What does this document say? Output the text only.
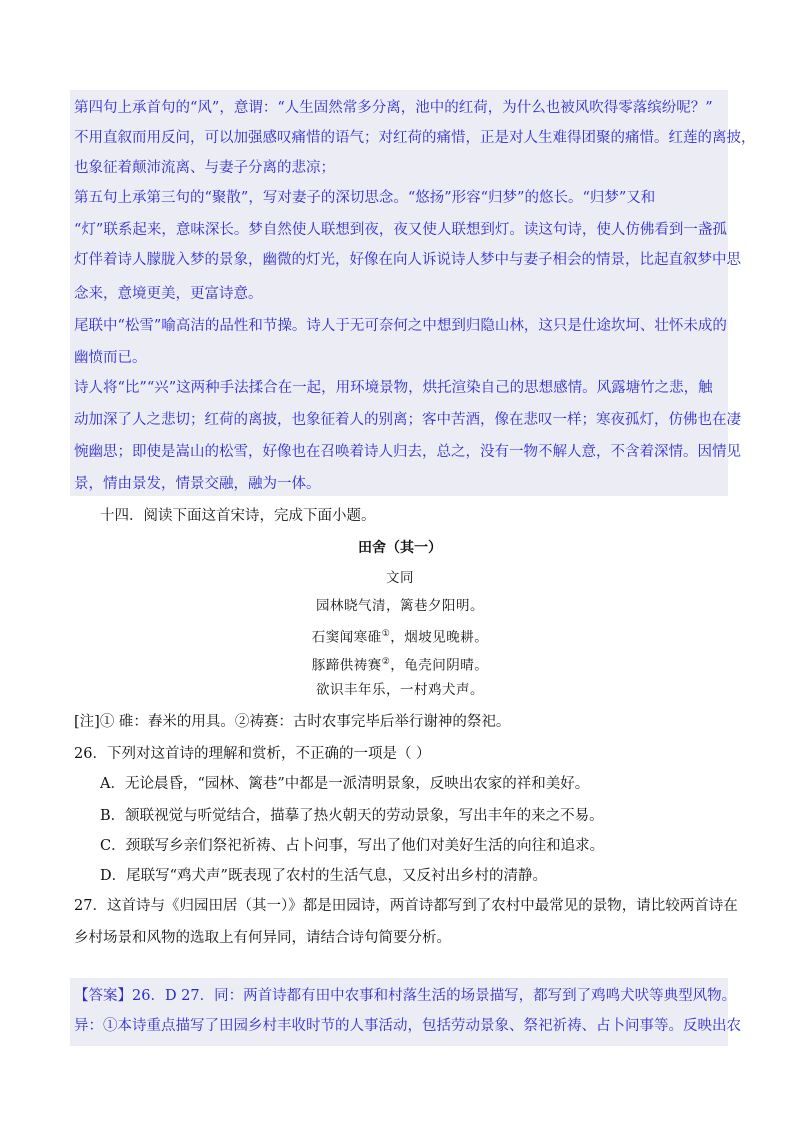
第四句上承首句的“风”，意谓：“人生固然常多分离，池中的红荷，为什么也被风吹得零落缤纷呢？”
不用直叙而用反问，可以加强感叹痛惜的语气；对红荷的痛惜，正是对人生难得团聚的痛惜。红莲的离披，
也象征着颠沛流离、与妻子分离的悲凉；
第五句上承第三句的“聚散”，写对妻子的深切思念。“悠扬”形容“归梦”的悠长。“归梦”又和
“灯”联系起来，意味深长。梦自然使人联想到夜，夜又使人联想到灯。读这句诗，使人仿佛看到一盏孤
灯伴着诗人朦胧入梦的景象，幽微的灯光，好像在向人诉说诗人梦中与妻子相会的情景，比起直叙梦中思
念来，意境更美，更富诗意。
尾联中“松雪”喻高洁的品性和节操。诗人于无可奈何之中想到归隐山林，这只是仕途坎坷、壮怀未成的
幽愤而已。
诗人将“比”“兴”这两种手法揉合在一起，用环境景物，烘托渲染自己的思想感情。风露塘竹之悲，触
动加深了人之悲切；红荷的离披，也象征着人的别离；客中苦酒，像在悲叹一样；寒夜孤灯，仿佛也在凄
惋幽思；即使是嵩山的松雪，好像也在召唤着诗人归去，总之，没有一物不解人意，不含着深情。因情见
景，情由景发，情景交融，融为一体。
十四．阅读下面这首宋诗，完成下面小题。
田舍（其一）
文同
园林晓气清，篱巷夕阳明。
石窦闻寒碓①，烟坡见晚耕。
豚蹄供祷赛②，龟壳问阴晴。
欲识丰年乐，一村鸡犬声。
[注]① 碓：舂米的用具。②祷赛：古时农事完毕后举行谢神的祭祀。
26．下列对这首诗的理解和赏析，不正确的一项是（ ）
A．无论晨昏，“园林、篱巷”中都是一派清明景象，反映出农家的祥和美好。
B．颔联视觉与听觉结合，描摹了热火朝天的劳动景象，写出丰年的来之不易。
C．颈联写乡亲们祭祀祈祷、占卜问事，写出了他们对美好生活的向往和追求。
D．尾联写“鸡犬声”既表现了农村的生活气息，又反衬出乡村的清静。
27．这首诗与《归园田居（其一）》都是田园诗，两首诗都写到了农村中最常见的景物，请比较两首诗在
乡村场景和风物的选取上有何异同，请结合诗句简要分析。
【答案】26．D 27．同：两首诗都有田中农事和村落生活的场景描写，都写到了鸡鸣犬吠等典型风物。
异：①本诗重点描写了田园乡村丰收时节的人事活动，包括劳动景象、祭祀祈祷、占卜问事等。反映出农
